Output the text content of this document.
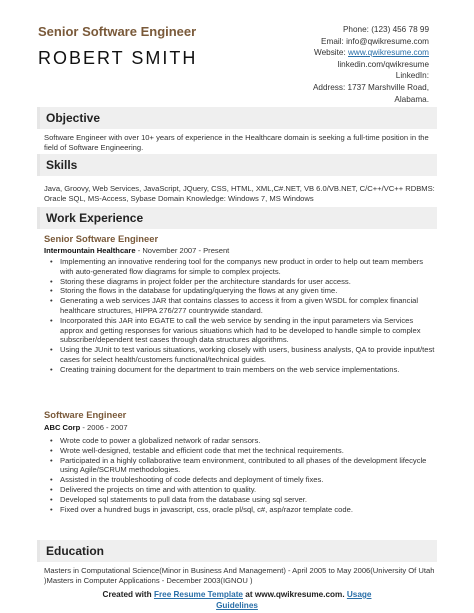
Senior Software Engineer
ROBERT SMITH
Phone: (123) 456 78 99
Email: info@qwikresume.com
Website: www.qwikresume.com
linkedin.com/qwikresume
LinkedIn:
Address: 1737 Marshville Road,
Alabama.
Objective
Software Engineer with over 10+ years of experience in the Healthcare domain is seeking a full-time position in the field of Software Engineering.
Skills
Java, Groovy, Web Services, JavaScript, JQuery, CSS, HTML, XML,C#.NET, VB 6.0/VB.NET, C/C++/VC++ RDBMS: Oracle SQL, MS-Access, Sybase Domain Knowledge: Windows 7, MS Windows
Work Experience
Senior Software Engineer
Intermountain Healthcare - November 2007 - Present
• Implementing an innovative rendering tool for the companys new product in order to help out team members with auto-generated flow diagrams for simple to complex projects.
• Storing these diagrams in project folder per the architecture standards for user access.
• Storing the flows in the database for updating/querying the flows at any given time.
• Generating a web services JAR that contains classes to access it from a given WSDL for complex financial healthcare structures, HIPPA 276/277 countrywide standard.
• Incorporated this JAR into EGATE to call the web service by sending in the input parameters via Services approx and getting responses for various situations which had to be developed to handle simple to complex subscriber/dependent test cases through data structures algorithms.
• Using the JUnit to test various situations, working closely with users, business analysts, QA to provide input/test cases for select health/customers functional/technical guides.
• Creating training document for the department to train members on the web service implementations.
Software Engineer
ABC Corp - 2006 - 2007
• Wrote code to power a globalized network of radar sensors.
• Wrote well-designed, testable and efficient code that met the technical requirements.
• Participated in a highly collaborative team environment, contributed to all phases of the development lifecycle using Agile/SCRUM methodologies.
• Assisted in the troubleshooting of code defects and deployment of timely fixes.
• Delivered the projects on time and with attention to quality.
• Developed sql statements to pull data from the database using sql server.
• Fixed over a hundred bugs in javascript, css, oracle pl/sql, c#, asp/razor template code.
Education
Masters in Computational Science(Minor in Business And Management) - April 2005 to May 2006(University Of Utah )Masters in Computer Applications - December 2003(IGNOU )
Created with Free Resume Template at www.qwikresume.com. Usage
Guidelines
